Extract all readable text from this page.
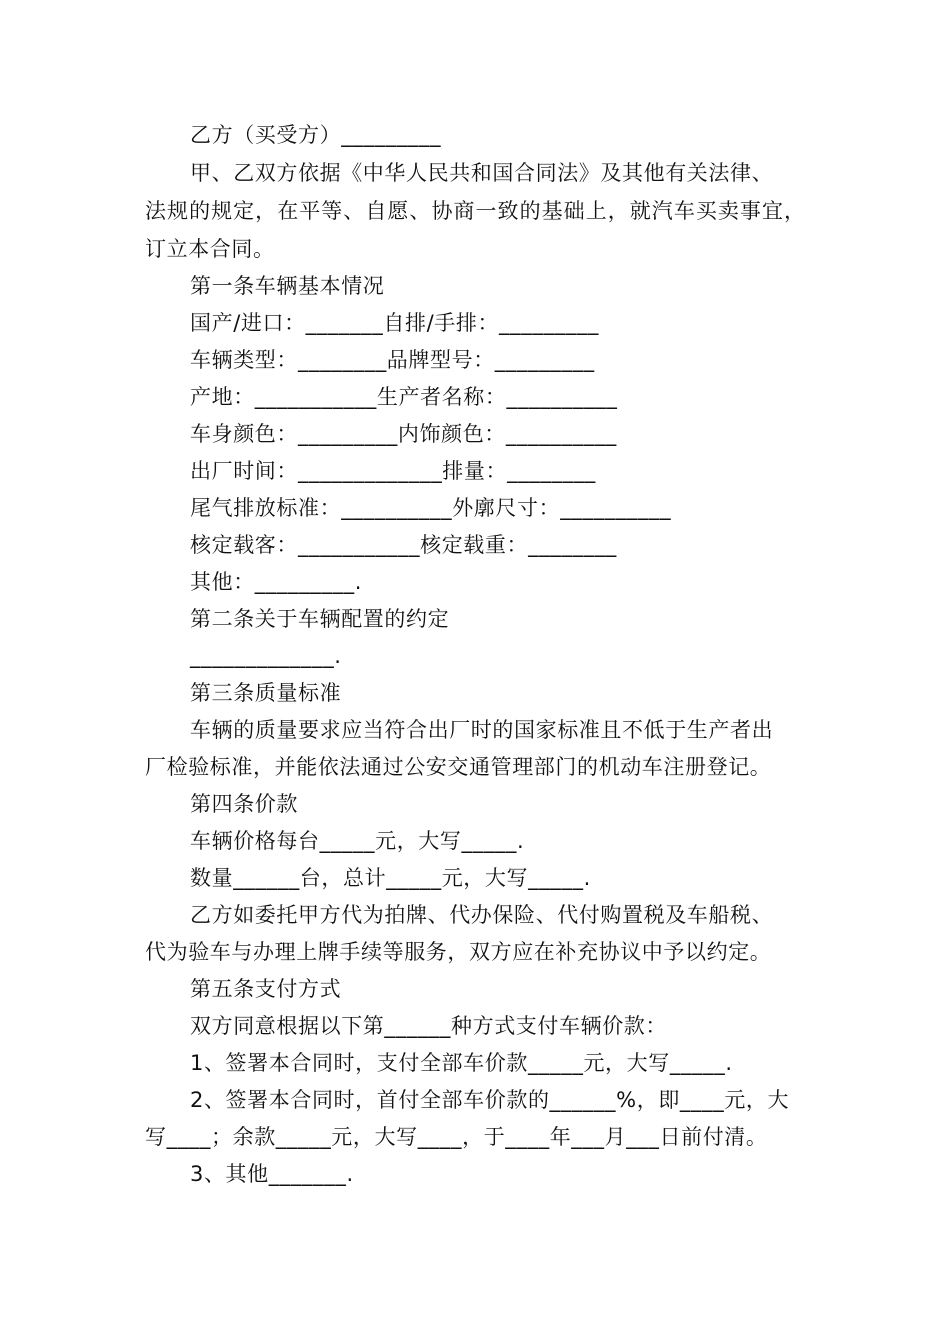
乙方（买受方）_________
甲、乙双方依据《中华人民共和国合同法》及其他有关法律、
法规的规定，在平等、自愿、协商一致的基础上，就汽车买卖事宜，
订立本合同。
第一条车辆基本情况
国产/进口：_______自排/手排：_________
车辆类型：________品牌型号：_________
产地：___________生产者名称：__________
车身颜色：_________内饰颜色：__________
出厂时间：_____________排量：________
尾气排放标准：__________外廓尺寸：__________
核定载客：___________核定载重：________
其他：_________.
第二条关于车辆配置的约定
_____________.
第三条质量标准
车辆的质量要求应当符合出厂时的国家标准且不低于生产者出
厂检验标准，并能依法通过公安交通管理部门的机动车注册登记。
第四条价款
车辆价格每台_____元，大写_____.
数量______台，总计_____元，大写_____.
乙方如委托甲方代为拍牌、代办保险、代付购置税及车船税、
代为验车与办理上牌手续等服务，双方应在补充协议中予以约定。
第五条支付方式
双方同意根据以下第______种方式支付车辆价款：
1、签署本合同时，支付全部车价款_____元，大写_____.
2、签署本合同时，首付全部车价款的______%，即____元，大
写____；余款_____元，大写____，于____年___月___日前付清。
3、其他_______.
